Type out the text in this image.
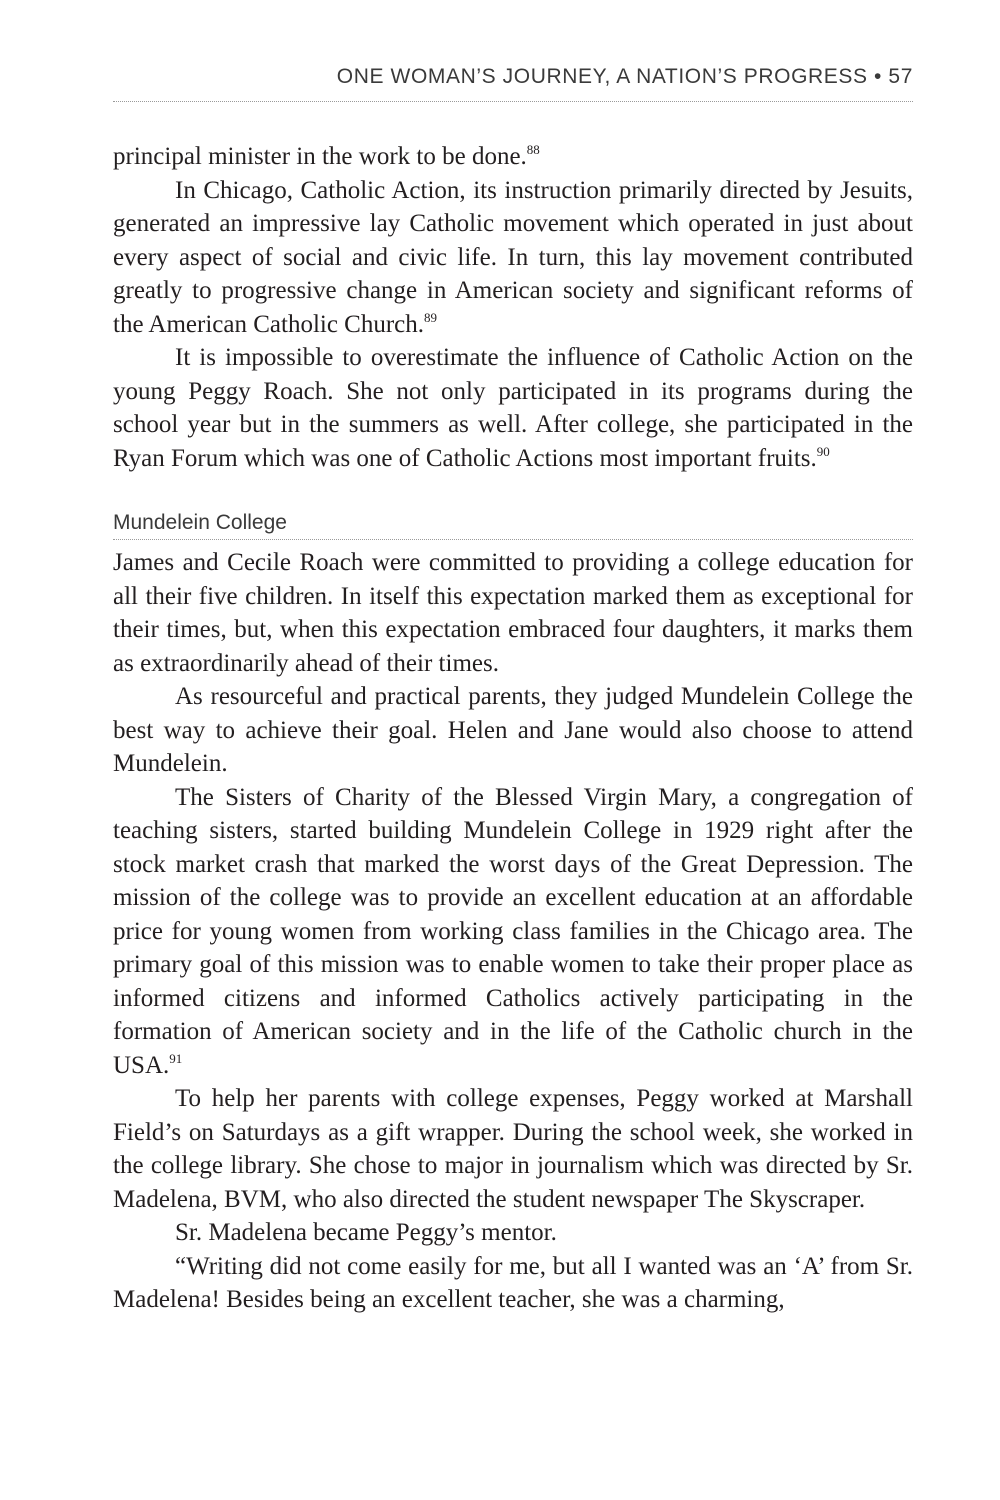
ONE WOMAN’S JOURNEY, A NATION’S PROGRESS • 57

principal minister in the work to be done.$^{88}$

In Chicago, Catholic Action, its instruction primarily directed by Jesuits, generated an impressive lay Catholic movement which operated in just about every aspect of social and civic life. In turn, this lay movement contributed greatly to progressive change in American society and significant reforms of the American Catholic Church.$^{89}$

It is impossible to overestimate the influence of Catholic Action on the young Peggy Roach. She not only participated in its programs during the school year but in the summers as well. After college, she participated in the Ryan Forum which was one of Catholic Actions most important fruits.$^{90}$

Mundelein College

James and Cecile Roach were committed to providing a college education for all their five children. In itself this expectation marked them as exceptional for their times, but, when this expectation embraced four daughters, it marks them as extraordinarily ahead of their times.

As resourceful and practical parents, they judged Mundelein College the best way to achieve their goal. Helen and Jane would also choose to attend Mundelein.

The Sisters of Charity of the Blessed Virgin Mary, a congregation of teaching sisters, started building Mundelein College in 1929 right after the stock market crash that marked the worst days of the Great Depression. The mission of the college was to provide an excellent education at an affordable price for young women from working class families in the Chicago area. The primary goal of this mission was to enable women to take their proper place as informed citizens and informed Catholics actively participating in the formation of American society and in the life of the Catholic church in the USA.$^{91}$

To help her parents with college expenses, Peggy worked at Marshall Field’s on Saturdays as a gift wrapper. During the school week, she worked in the college library. She chose to major in journalism which was directed by Sr. Madelena, BVM, who also directed the student newspaper The Skyscraper.

Sr. Madelena became Peggy’s mentor.

“Writing did not come easily for me, but all I wanted was an ‘A’ from Sr. Madelena! Besides being an excellent teacher, she was a charming,
